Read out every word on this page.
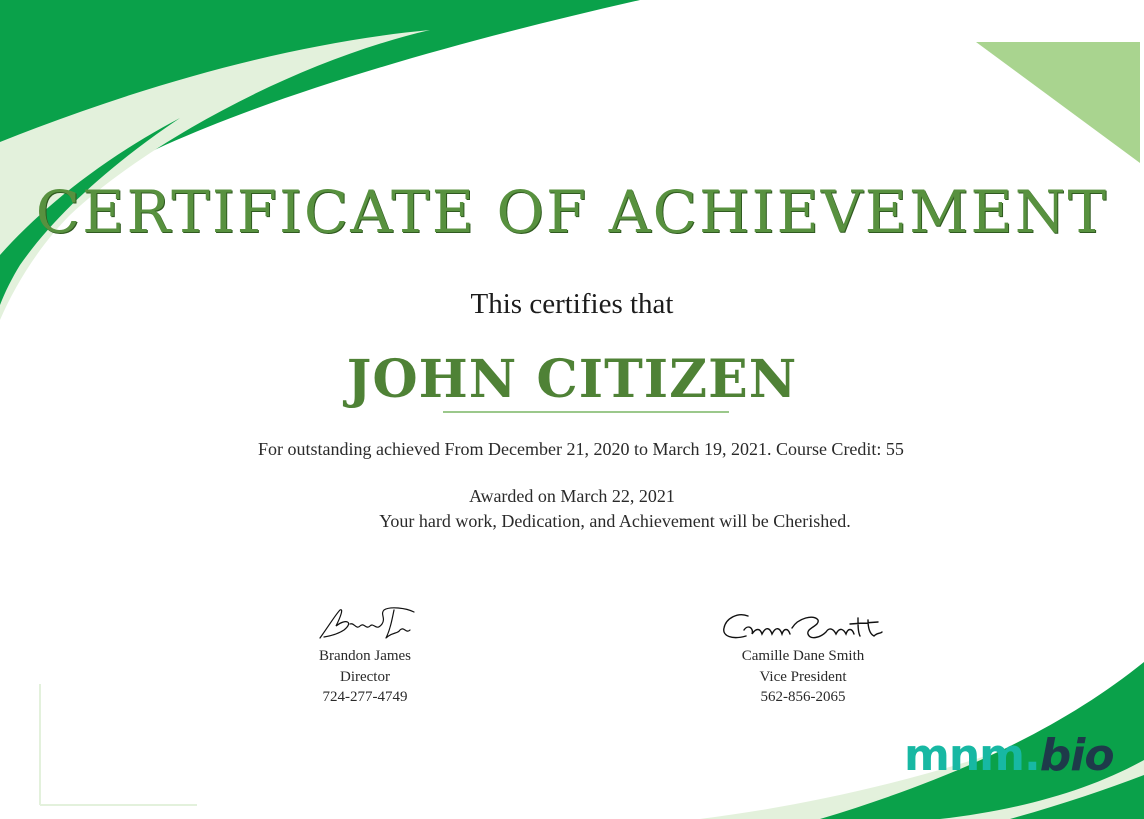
CERTIFICATE OF ACHIEVEMENT
This certifies that
JOHN CITIZEN
For outstanding achieved From December 21, 2020 to March 19, 2021. Course Credit: 55
Awarded on March 22, 2021
Your hard work, Dedication, and Achievement will be Cherished.
Brandon James
Director
724-277-4749
Camille Dane Smith
Vice President
562-856-2065
mnm.bio
